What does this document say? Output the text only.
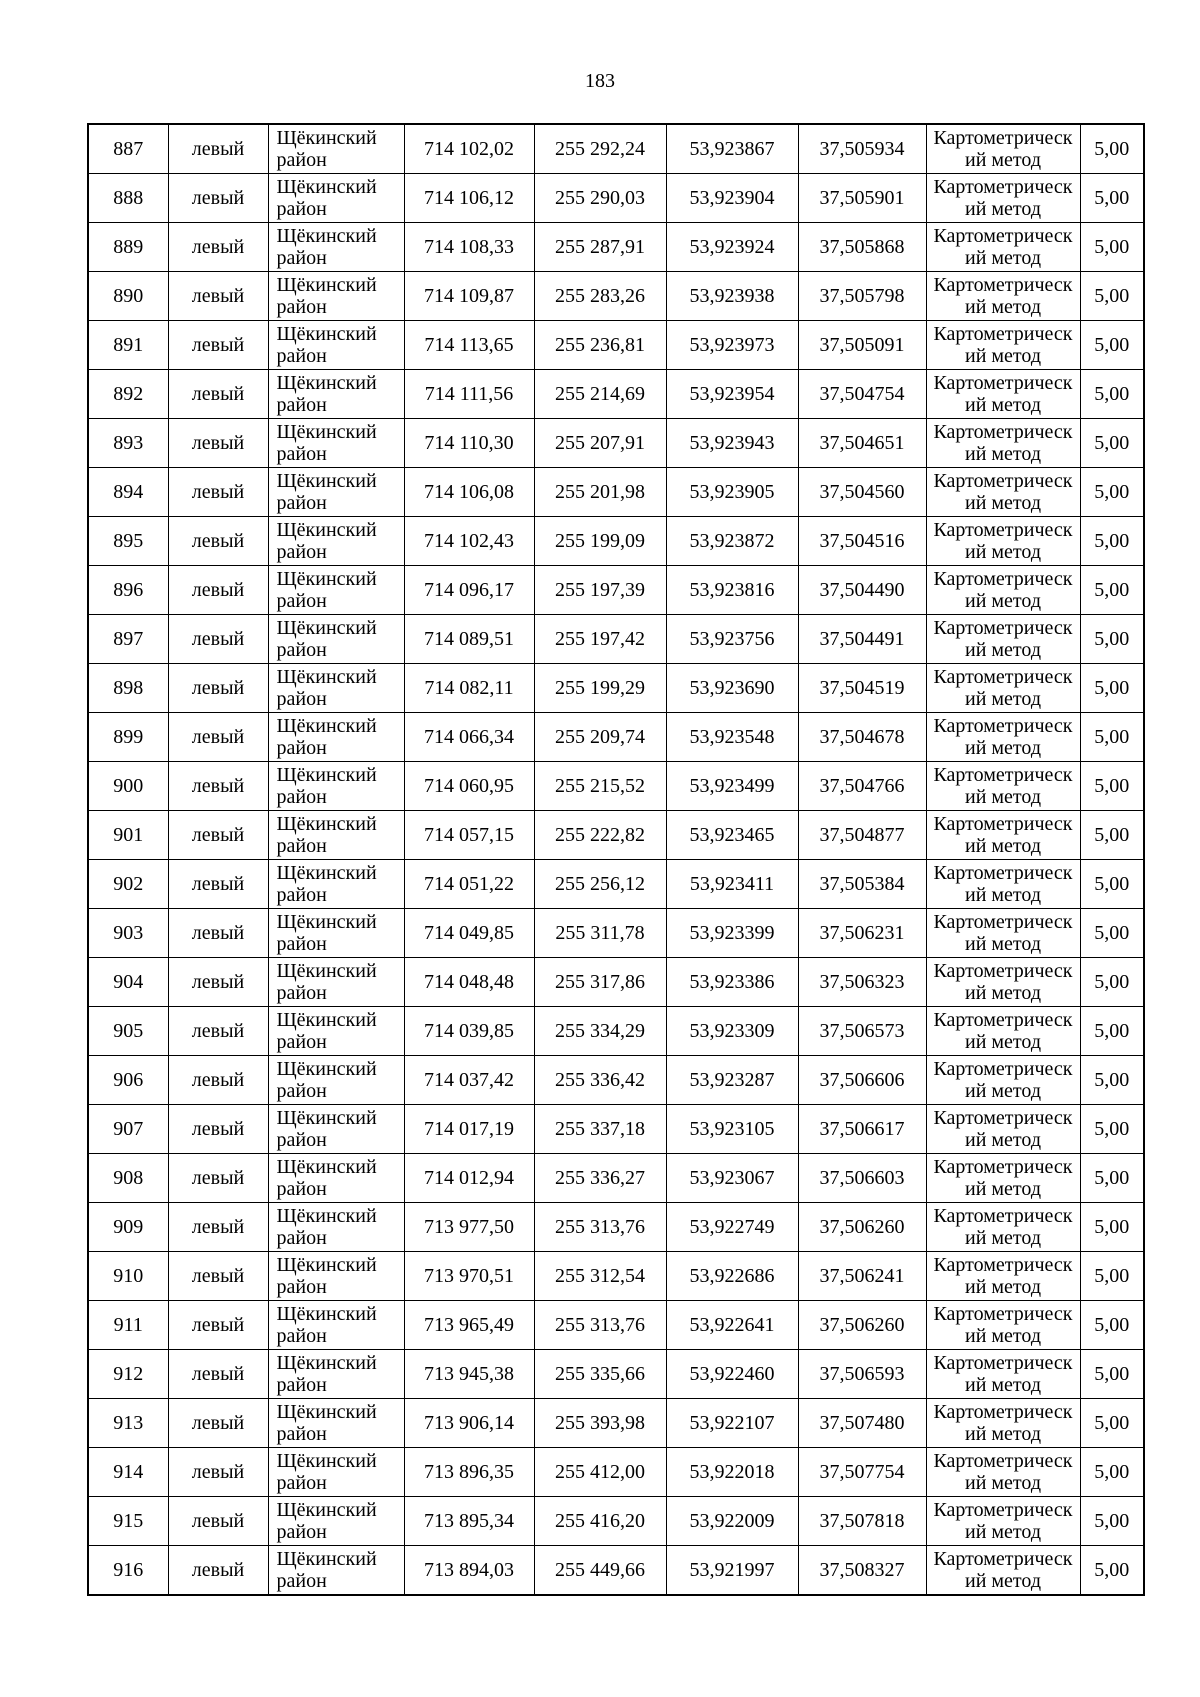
183
887	левый	Щёкинский район	714 102,02	255 292,24	53,923867	37,505934	Картометрическ ий метод	5,00
888	левый	Щёкинский район	714 106,12	255 290,03	53,923904	37,505901	Картометрическ ий метод	5,00
889	левый	Щёкинский район	714 108,33	255 287,91	53,923924	37,505868	Картометрическ ий метод	5,00
890	левый	Щёкинский район	714 109,87	255 283,26	53,923938	37,505798	Картометрическ ий метод	5,00
891	левый	Щёкинский район	714 113,65	255 236,81	53,923973	37,505091	Картометрическ ий метод	5,00
892	левый	Щёкинский район	714 111,56	255 214,69	53,923954	37,504754	Картометрическ ий метод	5,00
893	левый	Щёкинский район	714 110,30	255 207,91	53,923943	37,504651	Картометрическ ий метод	5,00
894	левый	Щёкинский район	714 106,08	255 201,98	53,923905	37,504560	Картометрическ ий метод	5,00
895	левый	Щёкинский район	714 102,43	255 199,09	53,923872	37,504516	Картометрическ ий метод	5,00
896	левый	Щёкинский район	714 096,17	255 197,39	53,923816	37,504490	Картометрическ ий метод	5,00
897	левый	Щёкинский район	714 089,51	255 197,42	53,923756	37,504491	Картометрическ ий метод	5,00
898	левый	Щёкинский район	714 082,11	255 199,29	53,923690	37,504519	Картометрическ ий метод	5,00
899	левый	Щёкинский район	714 066,34	255 209,74	53,923548	37,504678	Картометрическ ий метод	5,00
900	левый	Щёкинский район	714 060,95	255 215,52	53,923499	37,504766	Картометрическ ий метод	5,00
901	левый	Щёкинский район	714 057,15	255 222,82	53,923465	37,504877	Картометрическ ий метод	5,00
902	левый	Щёкинский район	714 051,22	255 256,12	53,923411	37,505384	Картометрическ ий метод	5,00
903	левый	Щёкинский район	714 049,85	255 311,78	53,923399	37,506231	Картометрическ ий метод	5,00
904	левый	Щёкинский район	714 048,48	255 317,86	53,923386	37,506323	Картометрическ ий метод	5,00
905	левый	Щёкинский район	714 039,85	255 334,29	53,923309	37,506573	Картометрическ ий метод	5,00
906	левый	Щёкинский район	714 037,42	255 336,42	53,923287	37,506606	Картометрическ ий метод	5,00
907	левый	Щёкинский район	714 017,19	255 337,18	53,923105	37,506617	Картометрическ ий метод	5,00
908	левый	Щёкинский район	714 012,94	255 336,27	53,923067	37,506603	Картометрическ ий метод	5,00
909	левый	Щёкинский район	713 977,50	255 313,76	53,922749	37,506260	Картометрическ ий метод	5,00
910	левый	Щёкинский район	713 970,51	255 312,54	53,922686	37,506241	Картометрическ ий метод	5,00
911	левый	Щёкинский район	713 965,49	255 313,76	53,922641	37,506260	Картометрическ ий метод	5,00
912	левый	Щёкинский район	713 945,38	255 335,66	53,922460	37,506593	Картометрическ ий метод	5,00
913	левый	Щёкинский район	713 906,14	255 393,98	53,922107	37,507480	Картометрическ ий метод	5,00
914	левый	Щёкинский район	713 896,35	255 412,00	53,922018	37,507754	Картометрическ ий метод	5,00
915	левый	Щёкинский район	713 895,34	255 416,20	53,922009	37,507818	Картометрическ ий метод	5,00
916	левый	Щёкинский район	713 894,03	255 449,66	53,921997	37,508327	Картометрическ ий метод	5,00
